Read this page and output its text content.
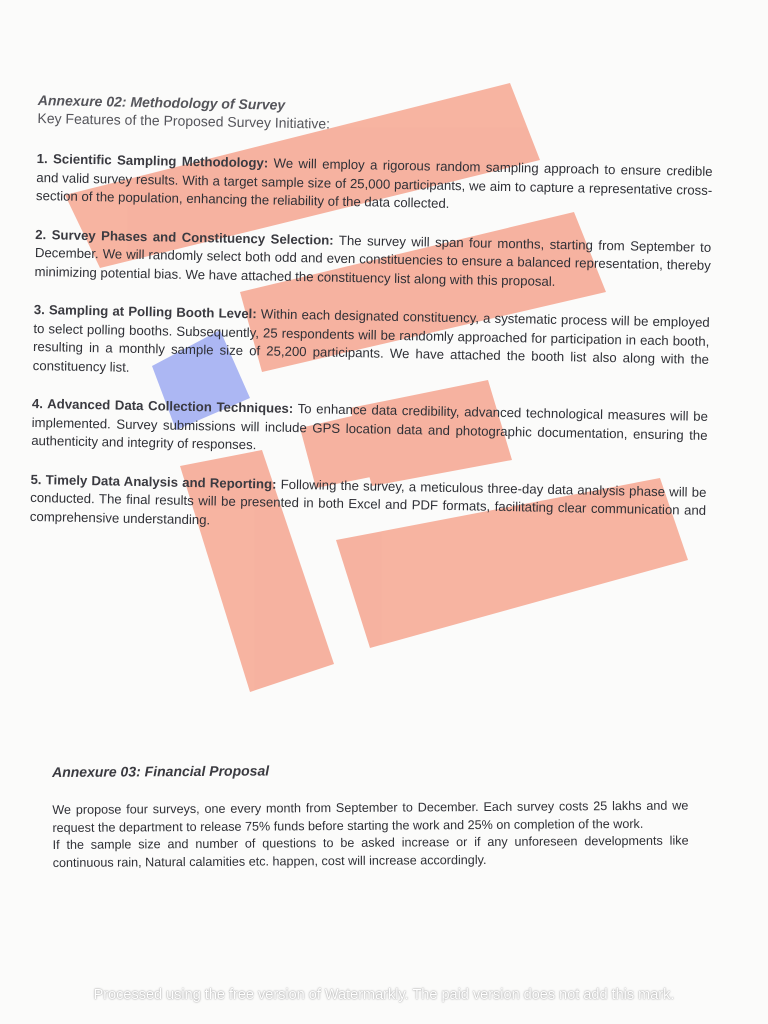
Annexure 02: Methodology of Survey

Key Features of the Proposed Survey Initiative:

1. Scientific Sampling Methodology: We will employ a rigorous random sampling approach to ensure credible and valid survey results. With a target sample size of 25,000 participants, we aim to capture a representative cross-section of the population, enhancing the reliability of the data collected.

2. Survey Phases and Constituency Selection: The survey will span four months, starting from September to December. We will randomly select both odd and even constituencies to ensure a balanced representation, thereby minimizing potential bias. We have attached the constituency list along with this proposal.

3. Sampling at Polling Booth Level: Within each designated constituency, a systematic process will be employed to select polling booths. Subsequently, 25 respondents will be randomly approached for participation in each booth, resulting in a monthly sample size of 25,200 participants. We have attached the booth list also along with the constituency list.

4. Advanced Data Collection Techniques: To enhance data credibility, advanced technological measures will be implemented. Survey submissions will include GPS location data and photographic documentation, ensuring the authenticity and integrity of responses.

5. Timely Data Analysis and Reporting: Following the survey, a meticulous three-day data analysis phase will be conducted. The final results will be presented in both Excel and PDF formats, facilitating clear communication and comprehensive understanding.

Annexure 03: Financial Proposal

We propose four surveys, one every month from September to December. Each survey costs 25 lakhs and we request the department to release 75% funds before starting the work and 25% on completion of the work.

If the sample size and number of questions to be asked increase or if any unforeseen developments like continuous rain, Natural calamities etc. happen, cost will increase accordingly.

Processed using the free version of Watermarkly. The paid version does not add this mark.
